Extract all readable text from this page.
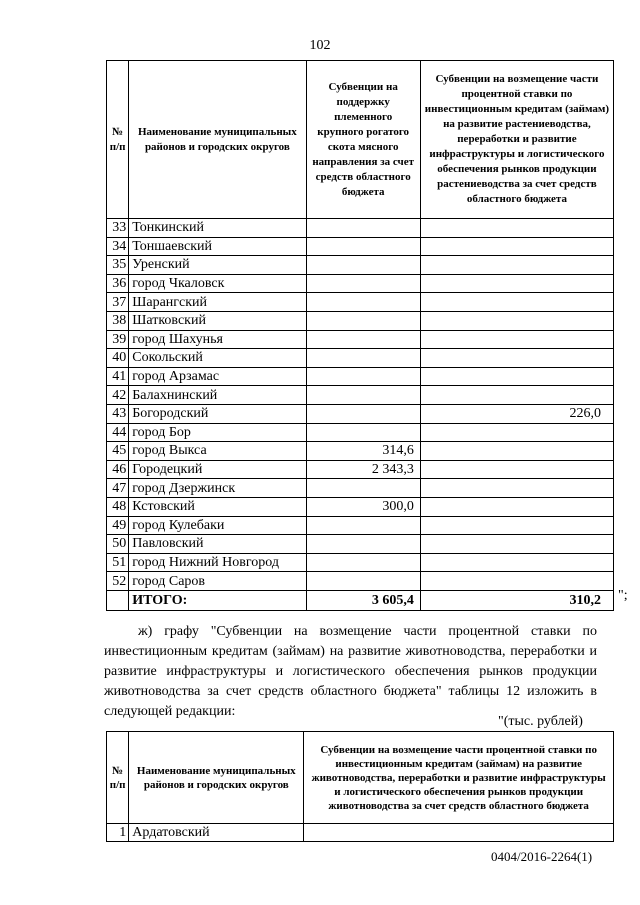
102
№ п/п	Наименование муниципальных районов и городских округов	Субвенции на поддержку племенного крупного рогатого скота мясного направления за счет средств областного бюджета	Субвенции на возмещение части процентной ставки по инвестиционным кредитам (займам) на развитие растениеводства, переработки и развитие инфраструктуры и логистического обеспечения рынков продукции растениеводства за счет средств областного бюджета
33	Тонкинский		
34	Тоншаевский		
35	Уренский		
36	город Чкаловск		
37	Шарангский		
38	Шатковский		
39	город Шахунья		
40	Сокольский		
41	город Арзамас		
42	Балахнинский		
43	Богородский		226,0
44	город Бор		
45	город Выкса	314,6	
46	Городецкий	2 343,3	
47	город Дзержинск		
48	Кстовский	300,0	
49	город Кулебаки		
50	Павловский		
51	город Нижний Новгород		
52	город Саров		
	ИТОГО:	3 605,4	310,2 ";
ж) графу "Субвенции на возмещение части процентной ставки по инвестиционным кредитам (займам) на развитие животноводства, переработки и развитие инфраструктуры и логистического обеспечения рынков продукции животноводства за счет средств областного бюджета" таблицы 12 изложить в следующей редакции:
"(тыс. рублей)
№ п/п	Наименование муниципальных районов и городских округов	Субвенции на возмещение части процентной ставки по инвестиционным кредитам (займам) на развитие животноводства, переработки и развитие инфраструктуры и логистического обеспечения рынков продукции животноводства за счет средств областного бюджета
1	Ардатовский	
0404/2016-2264(1)
